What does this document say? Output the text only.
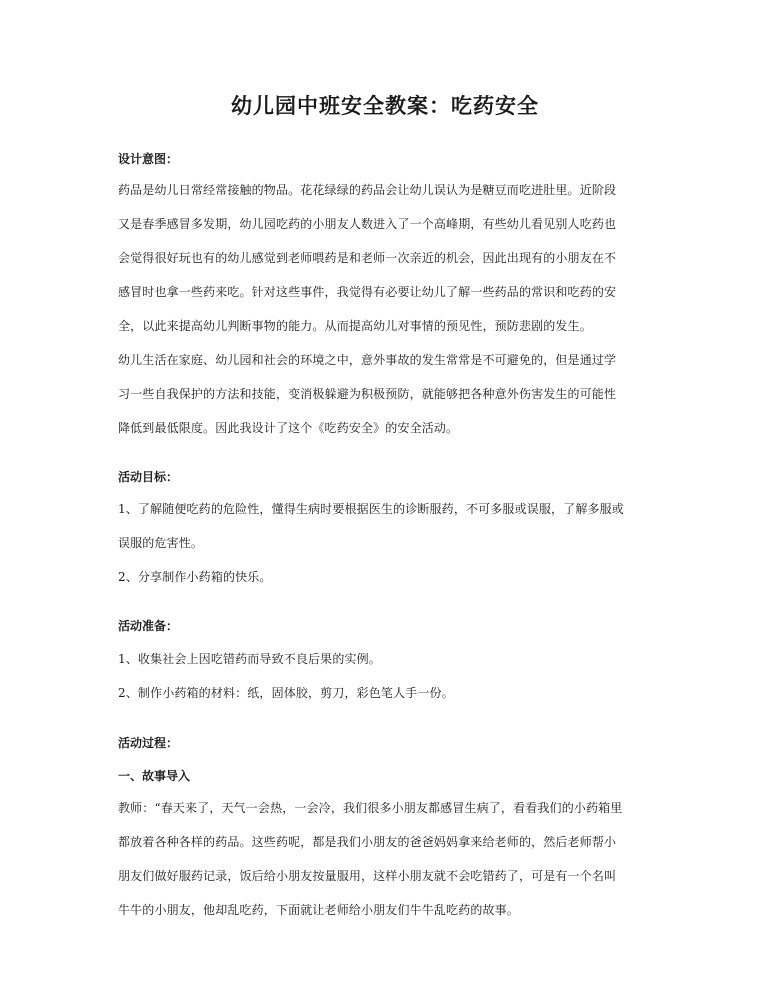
幼儿园中班安全教案：吃药安全

设计意图：

药品是幼儿日常经常接触的物品。花花绿绿的药品会让幼儿误认为是糖豆而吃进肚里。近阶段

又是春季感冒多发期，幼儿园吃药的小朋友人数进入了一个高峰期，有些幼儿看见别人吃药也

会觉得很好玩也有的幼儿感觉到老师喂药是和老师一次亲近的机会，因此出现有的小朋友在不

感冒时也拿一些药来吃。针对这些事件，我觉得有必要让幼儿了解一些药品的常识和吃药的安

全，以此来提高幼儿判断事物的能力。从而提高幼儿对事情的预见性，预防悲剧的发生。

幼儿生活在家庭、幼儿园和社会的环境之中，意外事故的发生常常是不可避免的，但是通过学

习一些自我保护的方法和技能，变消极躲避为积极预防，就能够把各种意外伤害发生的可能性

降低到最低限度。因此我设计了这个《吃药安全》的安全活动。

活动目标：

1、了解随便吃药的危险性，懂得生病时要根据医生的诊断服药，不可多服或误服，了解多服或

误服的危害性。

2、分享制作小药箱的快乐。

活动准备：

1、收集社会上因吃错药而导致不良后果的实例。

2、制作小药箱的材料：纸，固体胶，剪刀，彩色笔人手一份。

活动过程：

一、故事导入

教师：“春天来了，天气一会热，一会冷，我们很多小朋友都感冒生病了，看看我们的小药箱里

都放着各种各样的药品。这些药呢，都是我们小朋友的爸爸妈妈拿来给老师的，然后老师帮小

朋友们做好服药记录，饭后给小朋友按量服用，这样小朋友就不会吃错药了，可是有一个名叫

牛牛的小朋友，他却乱吃药，下面就让老师给小朋友们牛牛乱吃药的故事。
